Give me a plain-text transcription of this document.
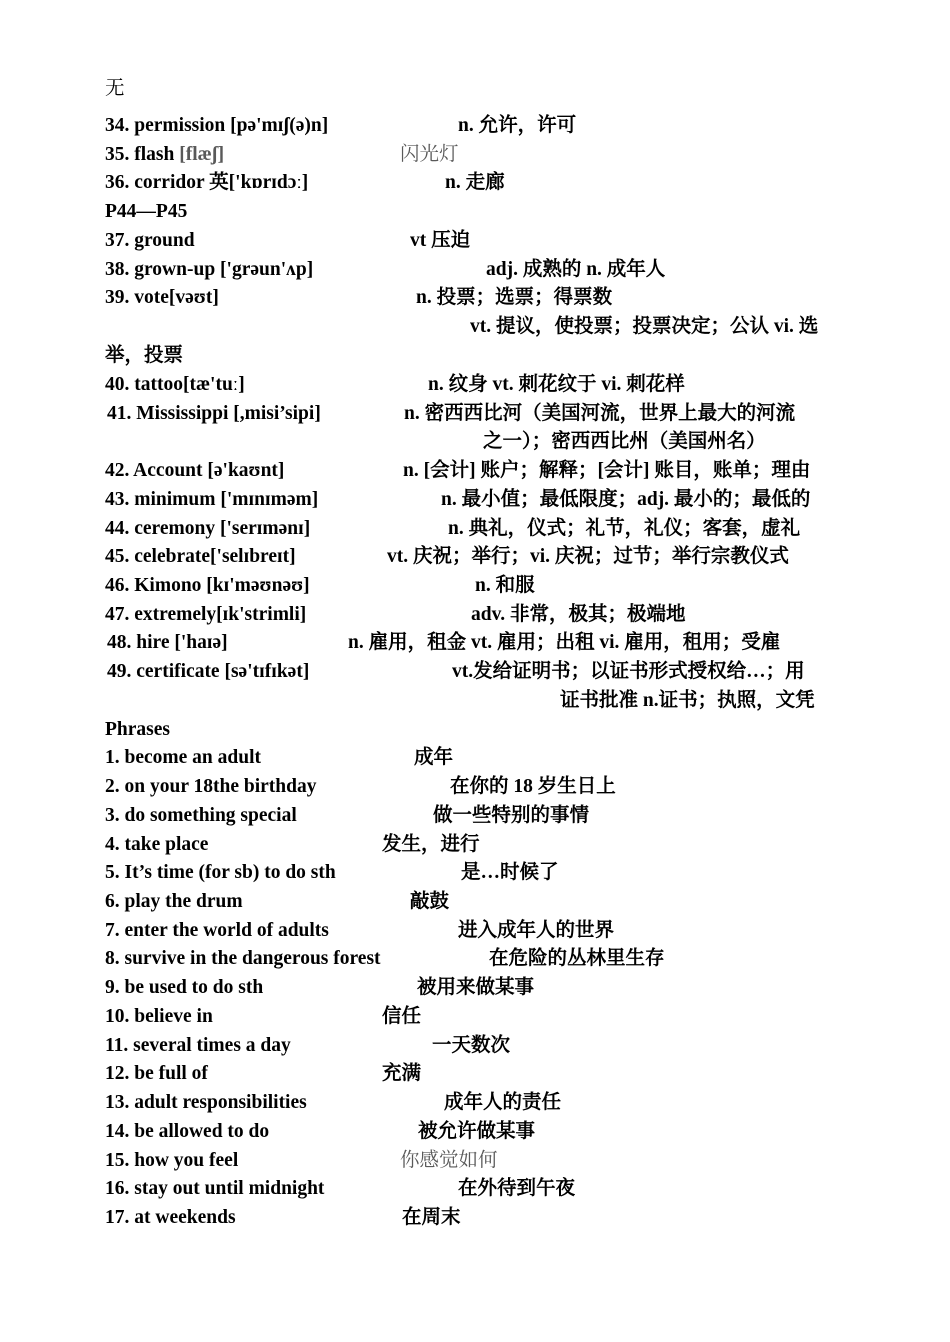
无
34. permission [pə'mɪʃ(ə)n]	n. 允许，许可
35. flash [flæʃ]	闪光灯
36. corridor 英['kɒrɪdɔː]	n. 走廊
P44—P45
37. ground	vt 压迫
38. grown-up ['grəun'ʌp]	adj. 成熟的 n. 成年人
39. vote[vəʊt]	n. 投票；选票；得票数
vt. 提议，使投票；投票决定；公认 vi. 选
举，投票
40. tattoo[tæ'tuː]	n. 纹身 vt. 刺花纹于 vi. 刺花样
41. Mississippi [,misi’sipi]	n. 密西西比河（美国河流，世界上最大的河流
之一）；密西西比州（美国州名）
42. Account [ə'kaʊnt]	n. [会计] 账户；解释；[会计] 账目，账单；理由
43. minimum ['mɪnɪməm]	n. 最小值；最低限度；adj. 最小的；最低的
44. ceremony ['serɪmənɪ]	n. 典礼，仪式；礼节，礼仪；客套，虚礼
45. celebrate['selɪbreɪt]	vt. 庆祝；举行；vi. 庆祝；过节；举行宗教仪式
46. Kimono [kɪ'məʊnəʊ]	n. 和服
47. extremely[ɪk'strimli]	adv. 非常，极其；极端地
48. hire ['haɪə]	n. 雇用，租金 vt. 雇用；出租 vi. 雇用，租用；受雇
49. certificate [sə'tɪfɪkət]	vt.发给证明书；以证书形式授权给…；用
证书批准 n.证书；执照，文凭
Phrases
1. become an adult	成年
2. on your 18the birthday	在你的 18 岁生日上
3. do something special	做一些特别的事情
4. take place	发生，进行
5. It’s time (for sb) to do sth	是…时候了
6. play the drum	敲鼓
7. enter the world of adults	进入成年人的世界
8. survive in the dangerous forest	在危险的丛林里生存
9. be used to do sth	被用来做某事
10. believe in	信任
11. several times a day	一天数次
12. be full of	充满
13. adult responsibilities	成年人的责任
14. be allowed to do	被允许做某事
15. how you feel	你感觉如何
16. stay out until midnight	在外待到午夜
17. at weekends	在周末
